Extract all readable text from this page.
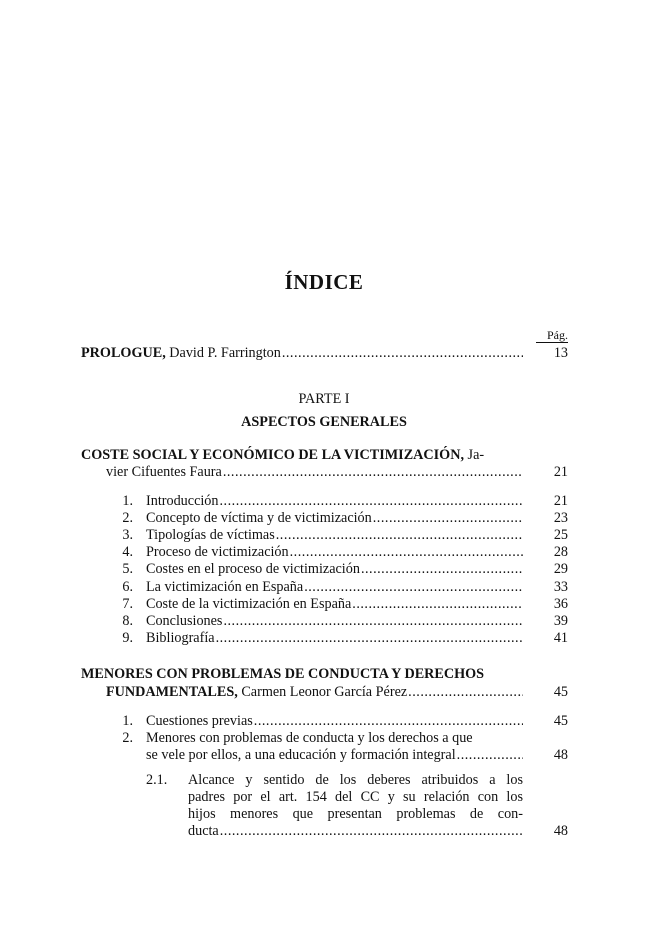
ÍNDICE
Pág.
PROLOGUE, David P. Farrington .....	13
PARTE I
ASPECTOS GENERALES
COSTE SOCIAL Y ECONÓMICO DE LA VICTIMIZACIÓN, Ja-
vier Cifuentes Faura .....	21
1. Introducción .....	21
2. Concepto de víctima y de victimización .....	23
3. Tipologías de víctimas .....	25
4. Proceso de victimización .....	28
5. Costes en el proceso de victimización .....	29
6. La victimización en España .....	33
7. Coste de la victimización en España .....	36
8. Conclusiones .....	39
9. Bibliografía .....	41
MENORES CON PROBLEMAS DE CONDUCTA Y DERECHOS
FUNDAMENTALES, Carmen Leonor García Pérez .....	45
1. Cuestiones previas .....	45
2. Menores con problemas de conducta y los derechos a que
se vele por ellos, a una educación y formación integral .....	48
2.1.	Alcance y sentido de los deberes atribuidos a los
padres por el art. 154 del CC y su relación con los
hijos menores que presentan problemas de con-
ducta .....	48
